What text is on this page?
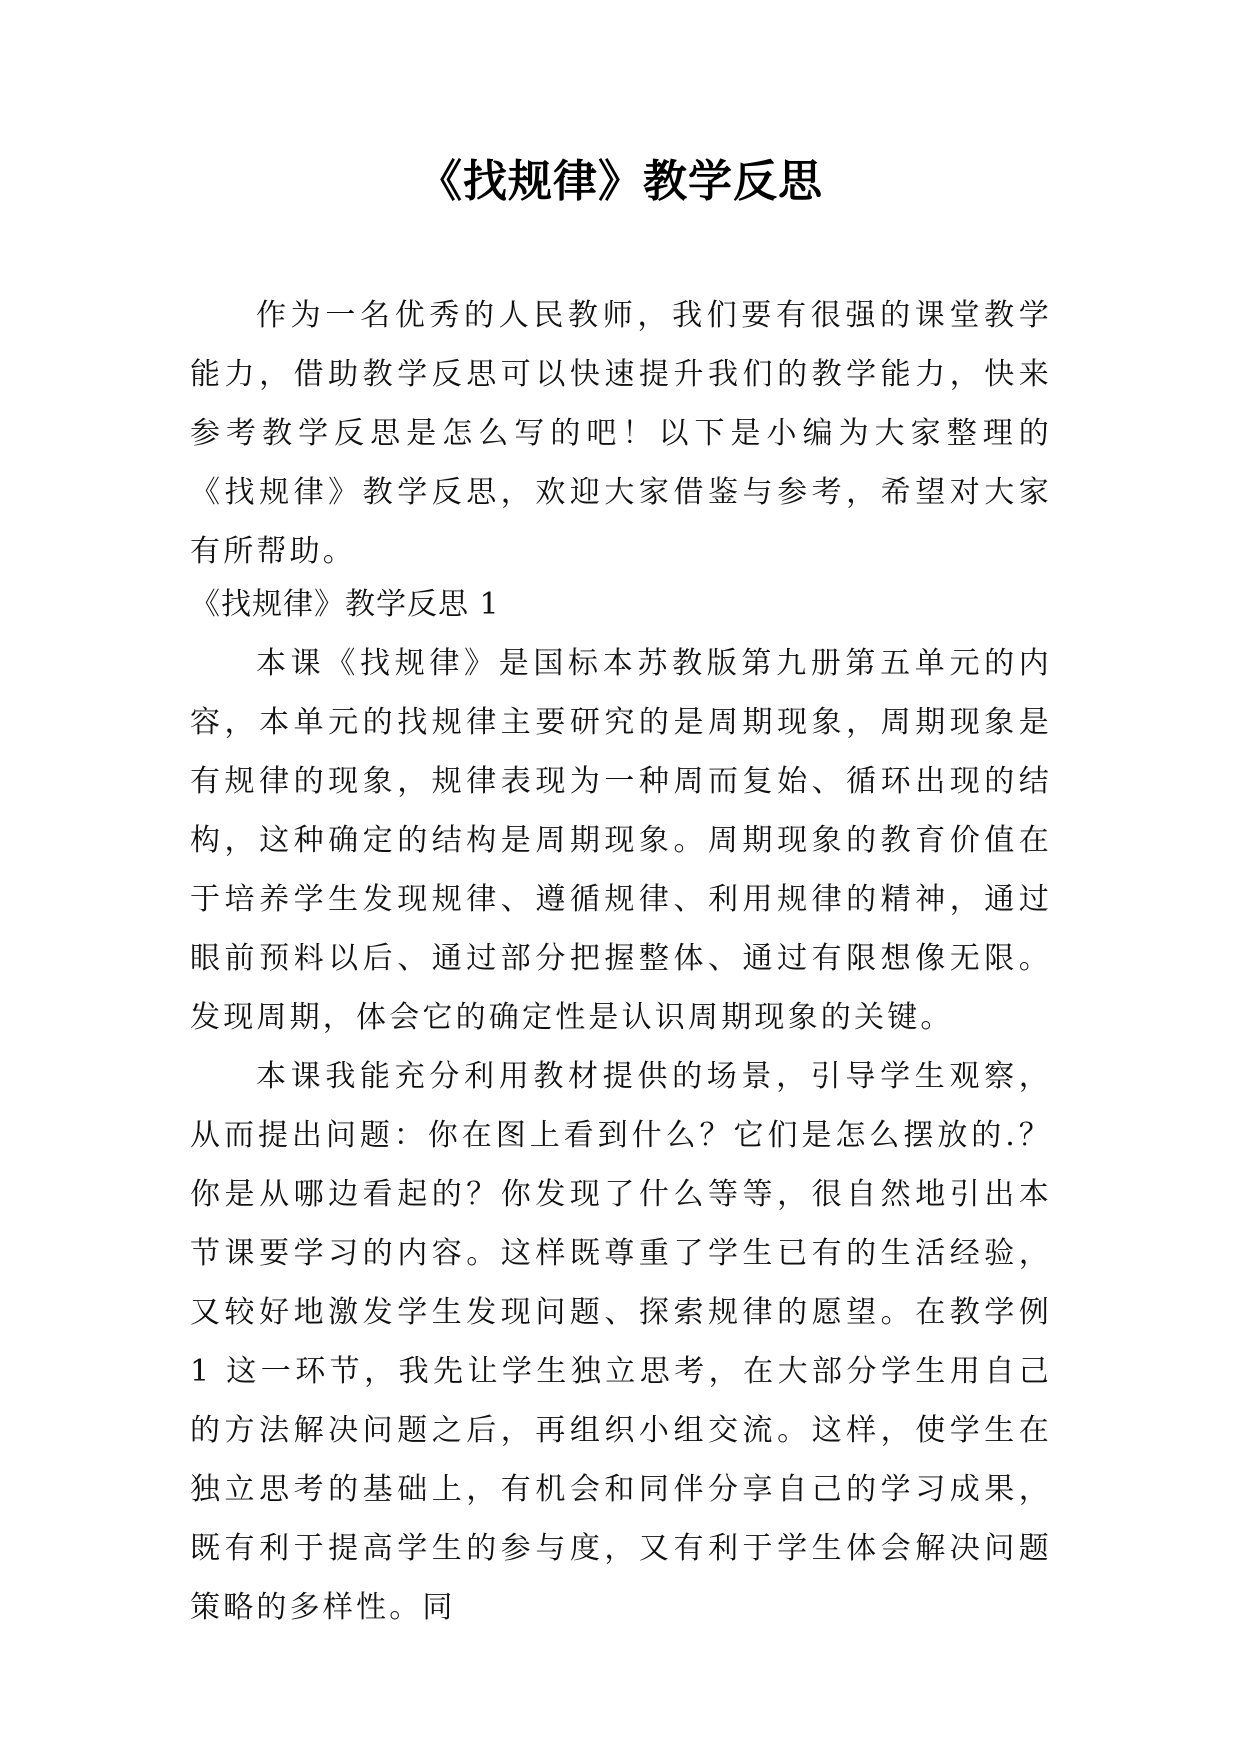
《找规律》教学反思
作为一名优秀的人民教师，我们要有很强的课堂教学能力，借助教学反思可以快速提升我们的教学能力，快来参考教学反思是怎么写的吧！以下是小编为大家整理的《找规律》教学反思，欢迎大家借鉴与参考，希望对大家有所帮助。

《找规律》教学反思 1

本课《找规律》是国标本苏教版第九册第五单元的内容，本单元的找规律主要研究的是周期现象，周期现象是有规律的现象，规律表现为一种周而复始、循环出现的结构，这种确定的结构是周期现象。周期现象的教育价值在于培养学生发现规律、遵循规律、利用规律的精神，通过眼前预料以后、通过部分把握整体、通过有限想像无限。发现周期，体会它的确定性是认识周期现象的关键。

本课我能充分利用教材提供的场景，引导学生观察，从而提出问题：你在图上看到什么？它们是怎么摆放的.？你是从哪边看起的？你发现了什么等等，很自然地引出本节课要学习的内容。这样既尊重了学生已有的生活经验，又较好地激发学生发现问题、探索规律的愿望。在教学例 1 这一环节，我先让学生独立思考，在大部分学生用自己的方法解决问题之后，再组织小组交流。这样，使学生在独立思考的基础上，有机会和同伴分享自己的学习成果，既有利于提高学生的参与度，又有利于学生体会解决问题策略的多样性。同
